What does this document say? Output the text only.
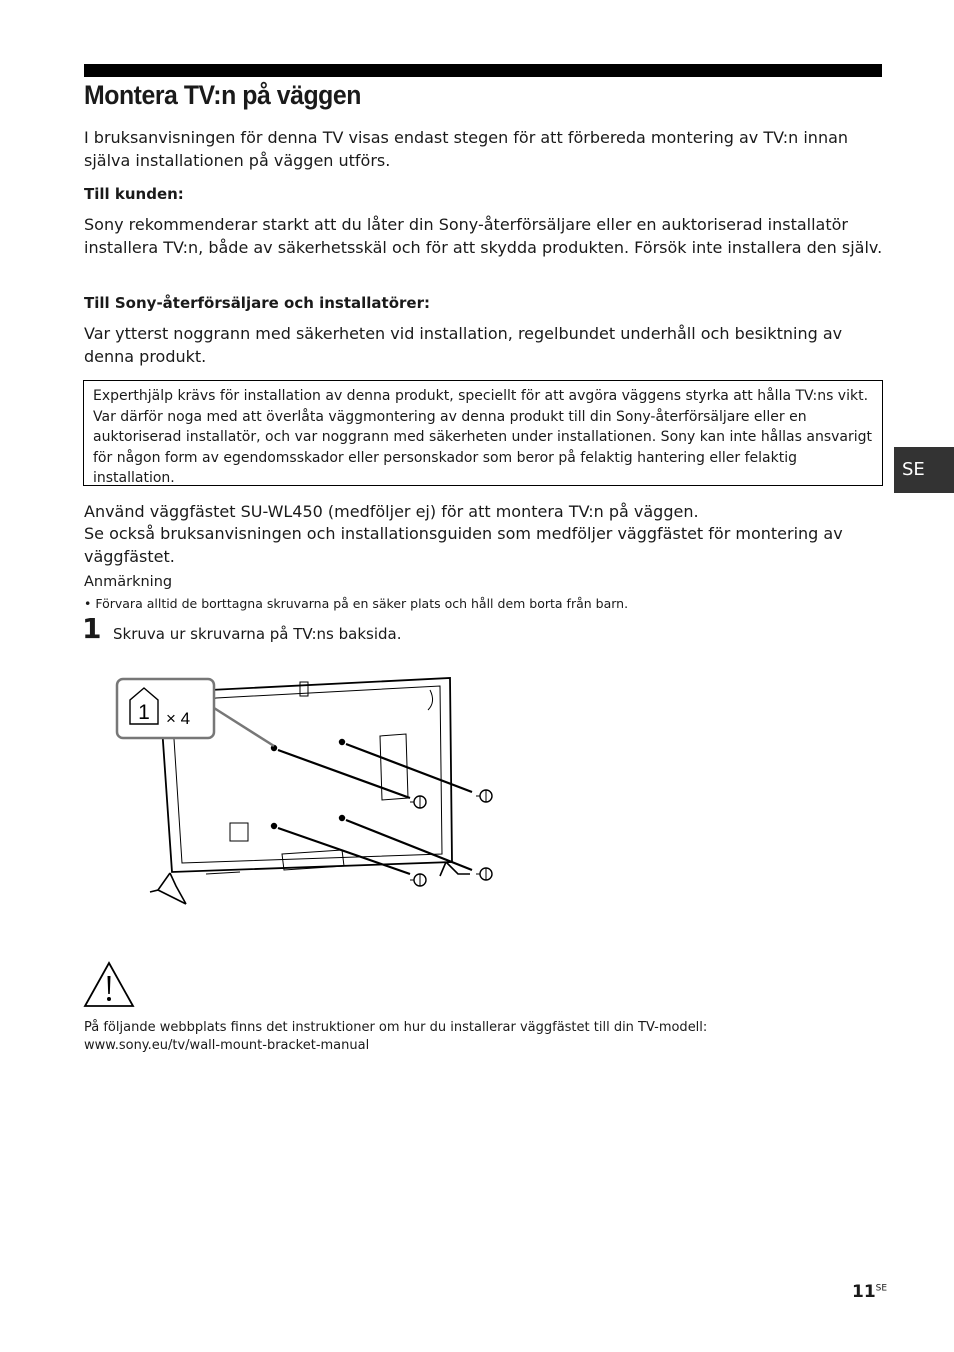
Montera TV:n på väggen

I bruksanvisningen för denna TV visas endast stegen för att förbereda montering av TV:n innan själva installationen på väggen utförs.

Till kunden:

Sony rekommenderar starkt att du låter din Sony-återförsäljare eller en auktoriserad installatör installera TV:n, både av säkerhetsskäl och för att skydda produkten. Försök inte installera den själv.

Till Sony-återförsäljare och installatörer:

Var ytterst noggrann med säkerheten vid installation, regelbundet underhåll och besiktning av denna produkt.

Experthjälp krävs för installation av denna produkt, speciellt för att avgöra väggens styrka att hålla TV:ns vikt. Var därför noga med att överlåta väggmontering av denna produkt till din Sony-återförsäljare eller en auktoriserad installatör, och var noggrann med säkerheten under installationen. Sony kan inte hållas ansvarigt för någon form av egendomsskador eller personskador som beror på felaktig hantering eller felaktig installation.	SE

Använd väggfästet SU-WL450 (medföljer ej) för att montera TV:n på väggen.

Se också bruksanvisningen och installationsguiden som medföljer väggfästet för montering av väggfästet.

Anmärkning

• Förvara alltid de borttagna skruvarna på en säker plats och håll dem borta från barn.

1 Skruva ur skruvarna på TV:ns baksida.

1 × 4

På följande webbplats finns det instruktioner om hur du installerar väggfästet till din TV-modell:

www.sony.eu/tv/wall-mount-bracket-manual

$11^{SE}$
